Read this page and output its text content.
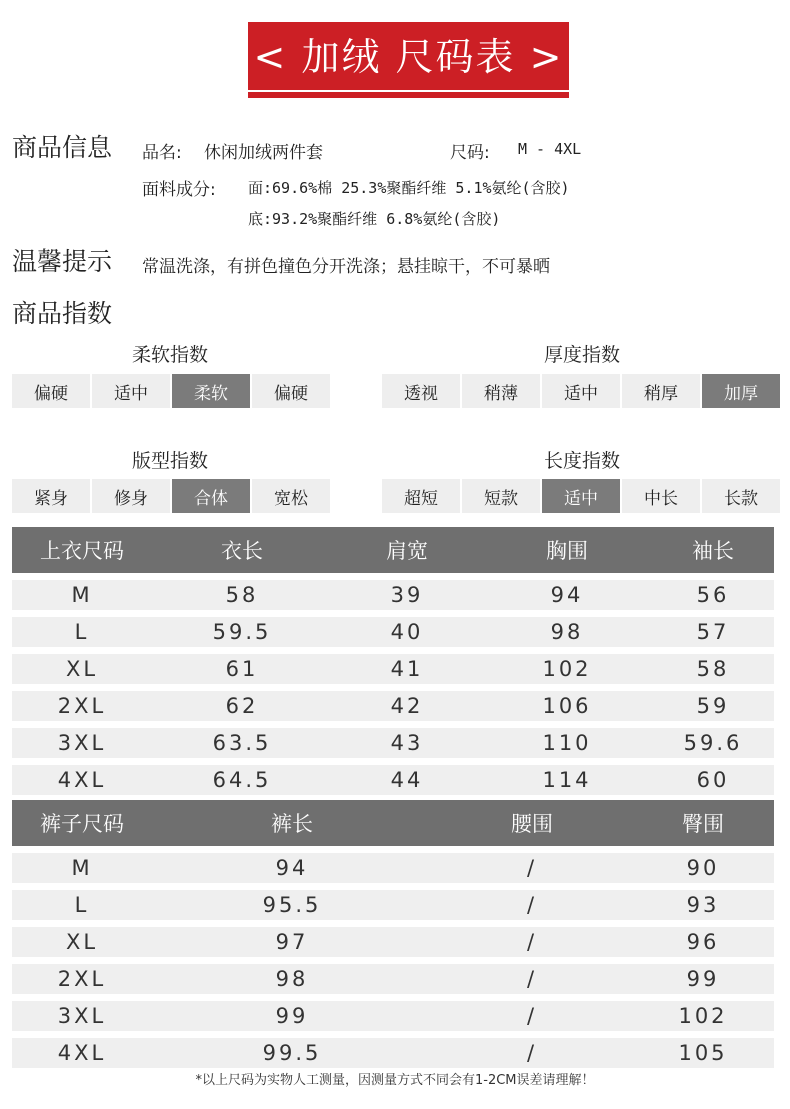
< 加绒 尺码表 >
商品信息 品名: 休闲加绒两件套	尺码: M - 4XL
面料成分: 面:69.6%棉 25.3%聚酯纤维 5.1%氨纶(含胶)
底:93.2%聚酯纤维 6.8%氨纶(含胶)
温馨提示 常温洗涤，有拼色撞色分开洗涤；悬挂晾干，不可暴晒
商品指数
柔软指数
偏硬	适中	柔软	偏硬
厚度指数
透视	稍薄	适中	稍厚	加厚
版型指数
紧身	修身	合体	宽松
长度指数
超短	短款	适中	中长	长款
上衣尺码	衣长	肩宽	胸围	袖长
M	58	39	94	56
L	59.5	40	98	57
XL	61	41	102	58
2XL	62	42	106	59
3XL	63.5	43	110	59.6
4XL	64.5	44	114	60
裤子尺码	裤长	腰围	臀围
M	94	/	90
L	95.5	/	93
XL	97	/	96
2XL	98	/	99
3XL	99	/	102
4XL	99.5	/	105
*以上尺码为实物人工测量，因测量方式不同会有1-2CM误差请理解！
